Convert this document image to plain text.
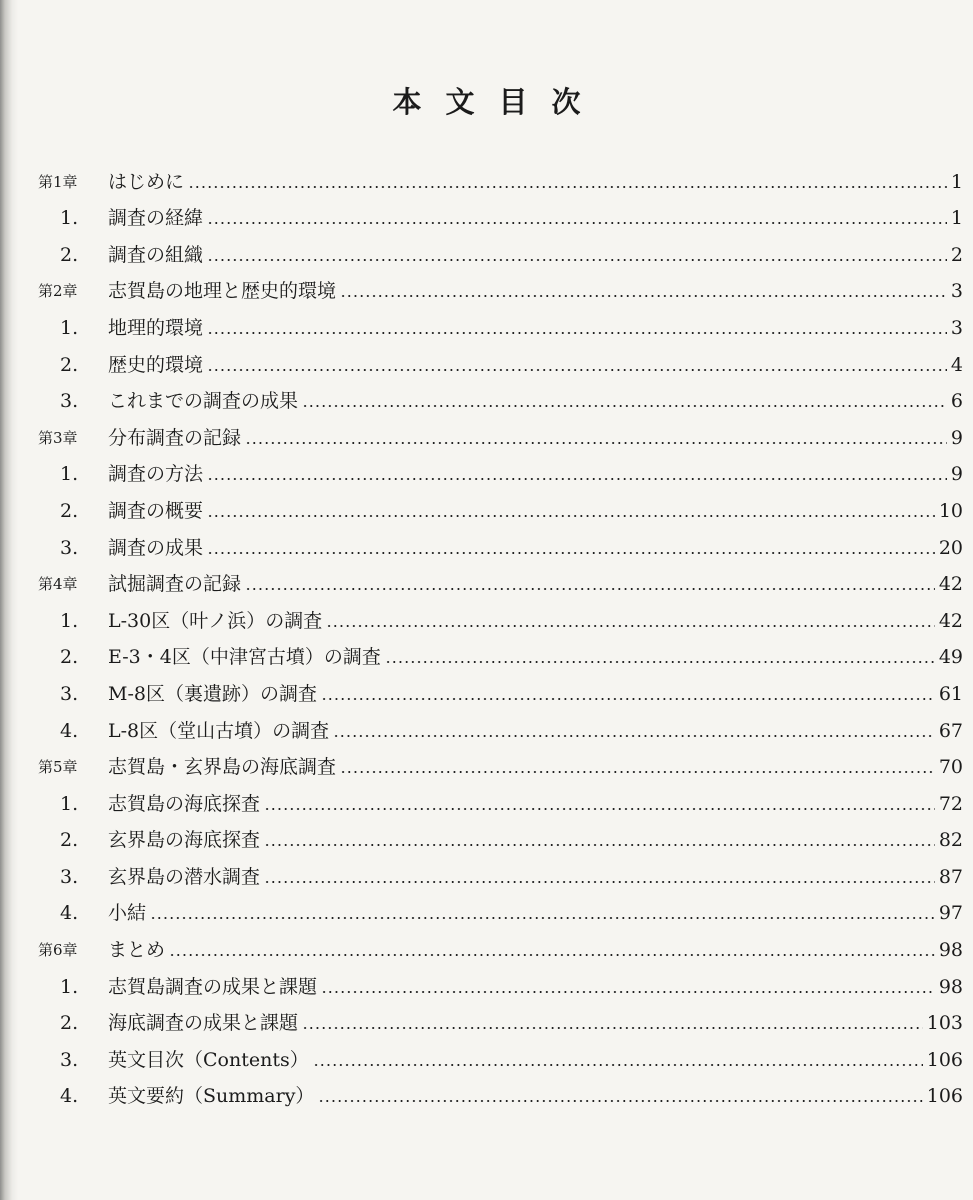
本文目次
第1章	はじめに	1
1.	調査の経緯	1
2.	調査の組織	2
第2章	志賀島の地理と歴史的環境	3
1.	地理的環境	3
2.	歴史的環境	4
3.	これまでの調査の成果	6
第3章	分布調査の記録	9
1.	調査の方法	9
2.	調査の概要	10
3.	調査の成果	20
第4章	試掘調査の記録	42
1.	L-30区（叶ノ浜）の調査	42
2.	E-3・4区（中津宮古墳）の調査	49
3.	M-8区（裏遺跡）の調査	61
4.	L-8区（堂山古墳）の調査	67
第5章	志賀島・玄界島の海底調査	70
1.	志賀島の海底探査	72
2.	玄界島の海底探査	82
3.	玄界島の潜水調査	87
4.	小結	97
第6章	まとめ	98
1.	志賀島調査の成果と課題	98
2.	海底調査の成果と課題	103
3.	英文目次（Contents）	106
4.	英文要約（Summary）	106
